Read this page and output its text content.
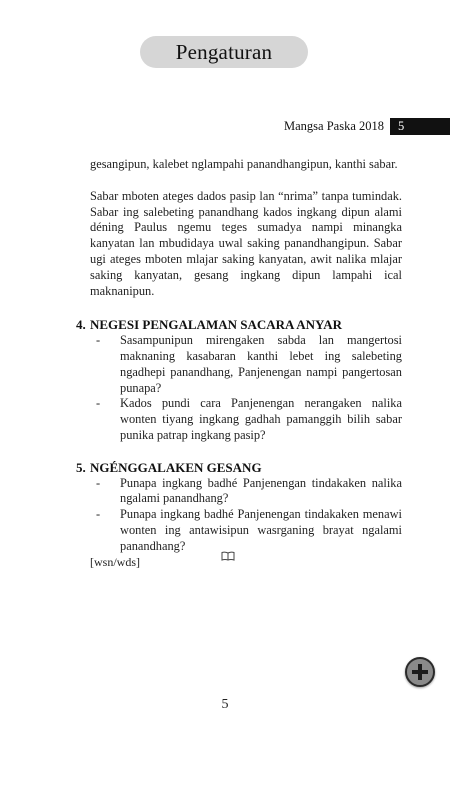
Pengaturan
Mangsa Paska 2018	5

gesangipun, kalebet nglampahi panandhangipun, kanthi sabar.

Sabar mboten ateges dados pasip lan “nrima” tanpa tumindak. Sabar ing salebeting panandhang kados ingkang dipun alami déning Paulus ngemu teges sumadya nampi minangka kanyatan lan mbudidaya uwal saking panandhangipun. Sabar ugi ateges mboten mlajar saking kanyatan, awit nalika mlajar saking kanyatan, gesang ingkang dipun lampahi ical maknanipun.

4. NEGESI PENGALAMAN SACARA ANYAR

- Sasampunipun mirengaken sabda lan mangertosi maknaning kasabaran kanthi lebet ing salebeting ngadhepi panandhang, Panjenengan nampi pangertosan punapa?

- Kados pundi cara Panjenengan nerangaken nalika wonten tiyang ingkang gadhah pamanggih bilih sabar punika patrap ingkang pasip?

5. NGÉNGGALAKEN GESANG

- Punapa ingkang badhé Panjenengan tindakaken nalika ngalami panandhang?

- Punapa ingkang badhé Panjenengan tindakaken menawi wonten ing antawisipun wasrganing brayat ngalami panandhang?

[wsn/wds]

5
